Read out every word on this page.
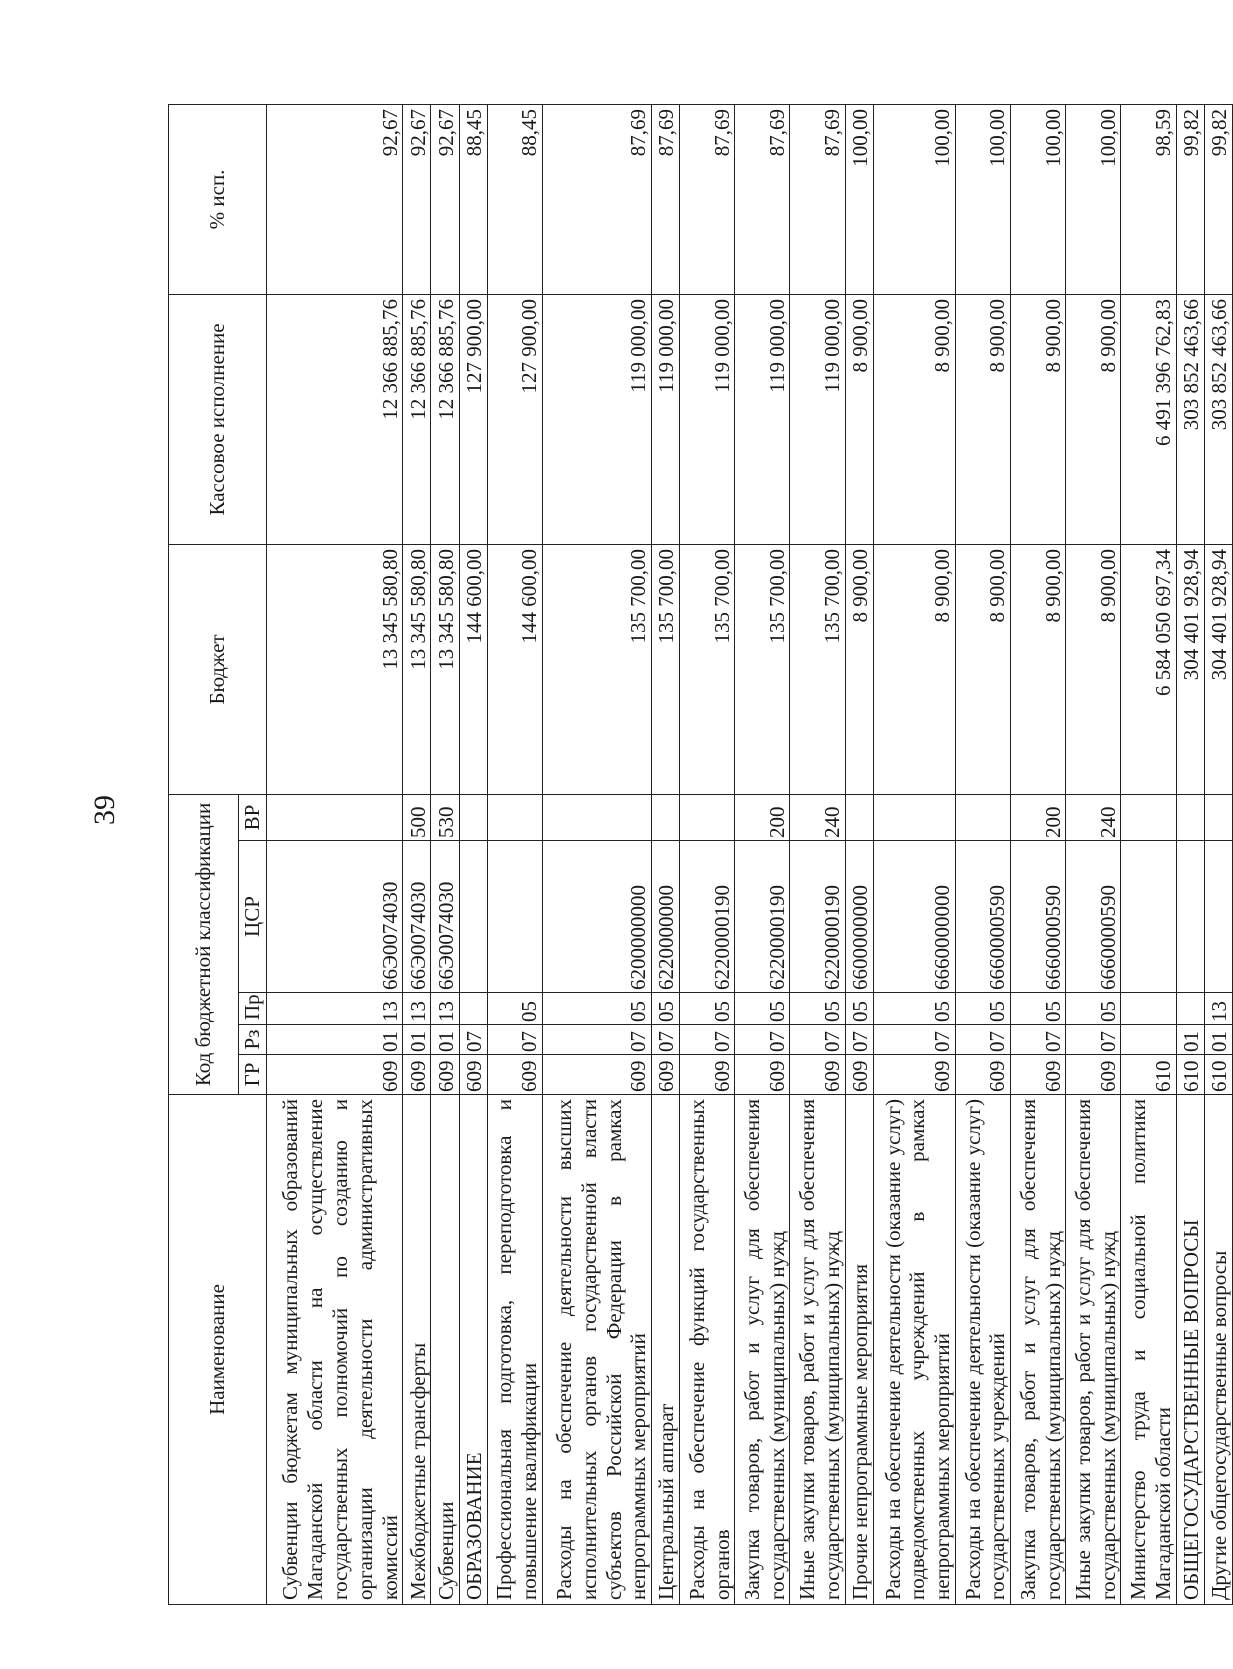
39
Наименование	Код бюджетной классификации					Бюджет	Кассовое исполнение	% исп.
	ГР	Рз	Пр	ЦСР	ВР			
Субвенции бюджетам муниципальных образований Магаданской области на осуществление государственных полномочий по созданию и организации деятельности административных комиссий	609	01	13	66Э0074030		13 345 580,80	12 366 885,76	92,67
Межбюджетные трансферты	609	01	13	66Э0074030	500	13 345 580,80	12 366 885,76	92,67
Субвенции	609	01	13	66Э0074030	530	13 345 580,80	12 366 885,76	92,67
ОБРАЗОВАНИЕ	609	07				144 600,00	127 900,00	88,45
Профессиональная подготовка, переподготовка и повышение квалификации	609	07	05			144 600,00	127 900,00	88,45
Расходы на обеспечение деятельности высших исполнительных органов государственной власти субъектов Российской Федерации в рамках непрограммных мероприятий	609	07	05	6200000000		135 700,00	119 000,00	87,69
Центральный аппарат	609	07	05	6220000000		135 700,00	119 000,00	87,69
Расходы на обеспечение функций государственных органов	609	07	05	6220000190		135 700,00	119 000,00	87,69
Закупка товаров, работ и услуг для обеспечения государственных (муниципальных) нужд	609	07	05	6220000190	200	135 700,00	119 000,00	87,69
Иные закупки товаров, работ и услуг для обеспечения государственных (муниципальных) нужд	609	07	05	6220000190	240	135 700,00	119 000,00	87,69
Прочие непрограммные мероприятия	609	07	05	6600000000		8 900,00	8 900,00	100,00
Расходы на обеспечение деятельности (оказание услуг) подведомственных учреждений в рамках непрограммных мероприятий	609	07	05	6660000000		8 900,00	8 900,00	100,00
Расходы на обеспечение деятельности (оказание услуг) государственных учреждений	609	07	05	6660000590		8 900,00	8 900,00	100,00
Закупка товаров, работ и услуг для обеспечения государственных (муниципальных) нужд	609	07	05	6660000590	200	8 900,00	8 900,00	100,00
Иные закупки товаров, работ и услуг для обеспечения государственных (муниципальных) нужд	609	07	05	6660000590	240	8 900,00	8 900,00	100,00
Министерство труда и социальной политики Магаданской области	610					6 584 050 697,34	6 491 396 762,83	98,59
ОБЩЕГОСУДАРСТВЕННЫЕ ВОПРОСЫ	610	01				304 401 928,94	303 852 463,66	99,82
Другие общегосударственные вопросы	610	01	13			304 401 928,94	303 852 463,66	99,82
